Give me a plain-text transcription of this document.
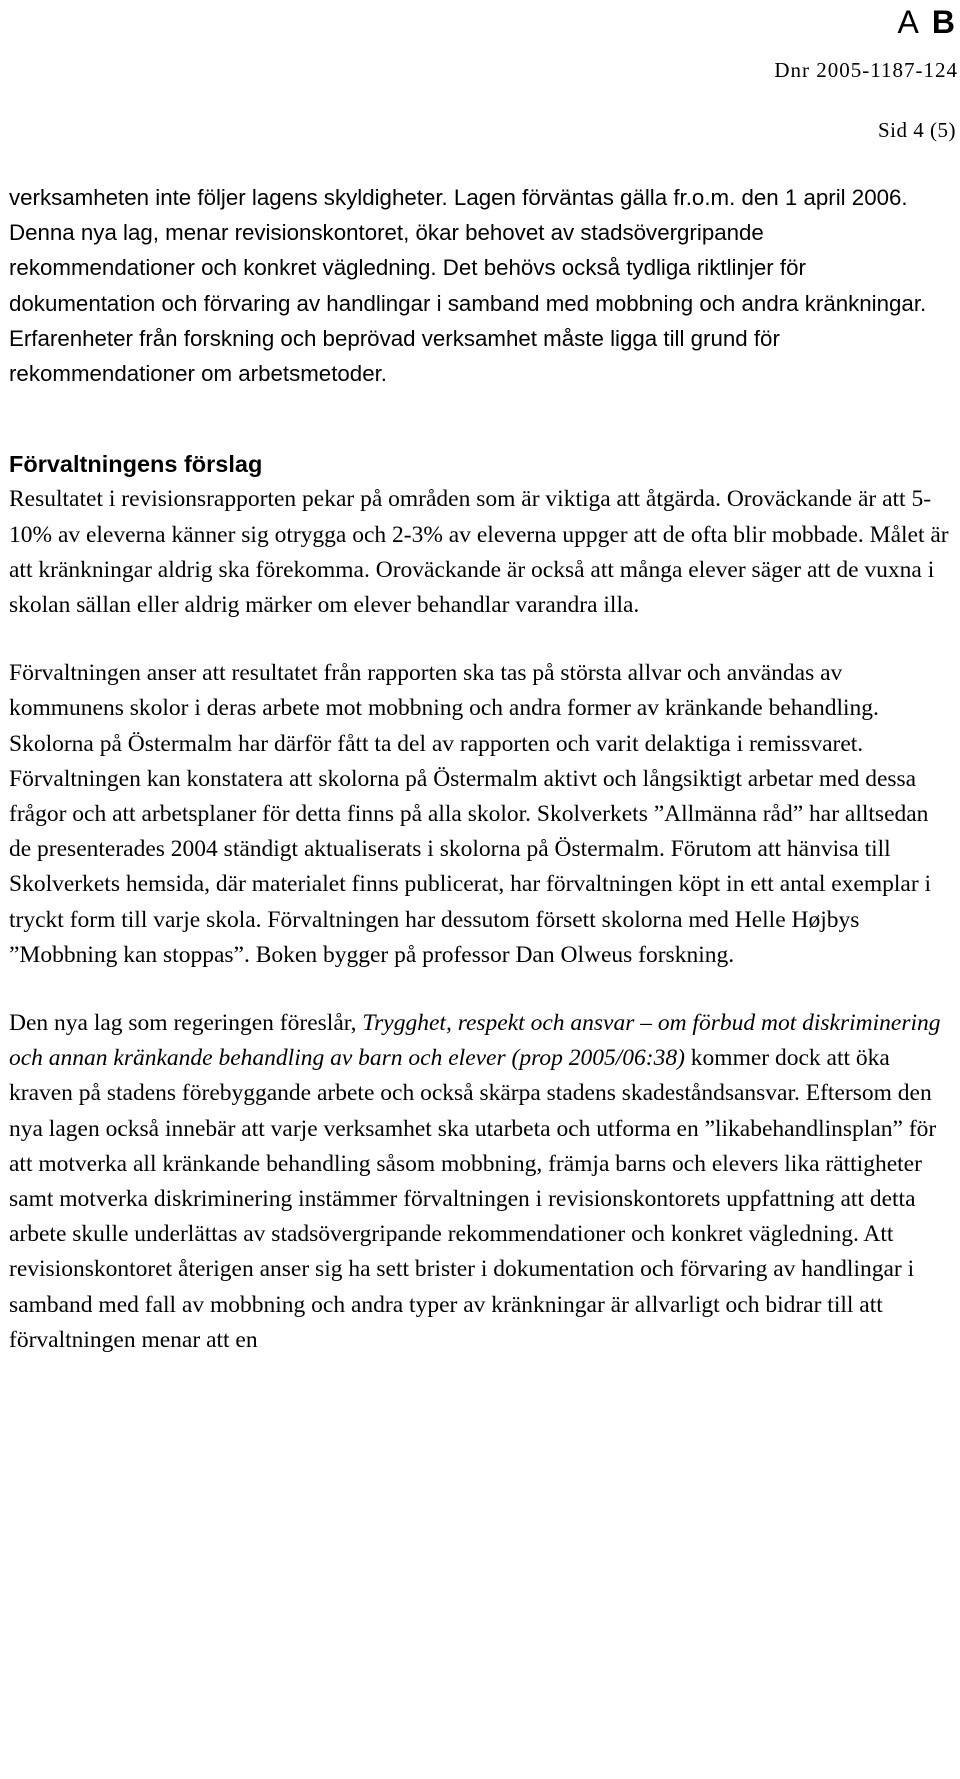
A B
Dnr 2005-1187-124
Sid 4 (5)

verksamheten inte följer lagens skyldigheter. Lagen förväntas gälla fr.o.m. den 1 april 2006. Denna nya lag, menar revisionskontoret, ökar behovet av stadsövergripande rekommendationer och konkret vägledning. Det behövs också tydliga riktlinjer för dokumentation och förvaring av handlingar i samband med mobbning och andra kränkningar. Erfarenheter från forskning och beprövad verksamhet måste ligga till grund för rekommendationer om arbetsmetoder.

Förvaltningens förslag

Resultatet i revisionsrapporten pekar på områden som är viktiga att åtgärda. Oroväckande är att 5-10% av eleverna känner sig otrygga och 2-3% av eleverna uppger att de ofta blir mobbade. Målet är att kränkningar aldrig ska förekomma. Oroväckande är också att många elever säger att de vuxna i skolan sällan eller aldrig märker om elever behandlar varandra illa.

Förvaltningen anser att resultatet från rapporten ska tas på största allvar och användas av kommunens skolor i deras arbete mot mobbning och andra former av kränkande behandling. Skolorna på Östermalm har därför fått ta del av rapporten och varit delaktiga i remissvaret. Förvaltningen kan konstatera att skolorna på Östermalm aktivt och långsiktigt arbetar med dessa frågor och att arbetsplaner för detta finns på alla skolor. Skolverkets ”Allmänna råd” har alltsedan de presenterades 2004 ständigt aktualiserats i skolorna på Östermalm. Förutom att hänvisa till Skolverkets hemsida, där materialet finns publicerat, har förvaltningen köpt in ett antal exemplar i tryckt form till varje skola. Förvaltningen har dessutom försett skolorna med Helle Højbys ”Mobbning kan stoppas”. Boken bygger på professor Dan Olweus forskning.

Den nya lag som regeringen föreslår, Trygghet, respekt och ansvar – om förbud mot diskriminering och annan kränkande behandling av barn och elever (prop 2005/06:38) kommer dock att öka kraven på stadens förebyggande arbete och också skärpa stadens skadeståndsansvar. Eftersom den nya lagen också innebär att varje verksamhet ska utarbeta och utforma en ”likabehandlinsplan” för att motverka all kränkande behandling såsom mobbning, främja barns och elevers lika rättigheter samt motverka diskriminering instämmer förvaltningen i revisionskontorets uppfattning att detta arbete skulle underlättas av stadsövergripande rekommendationer och konkret vägledning. Att revisionskontoret återigen anser sig ha sett brister i dokumentation och förvaring av handlingar i samband med fall av mobbning och andra typer av kränkningar är allvarligt och bidrar till att förvaltningen menar att en
